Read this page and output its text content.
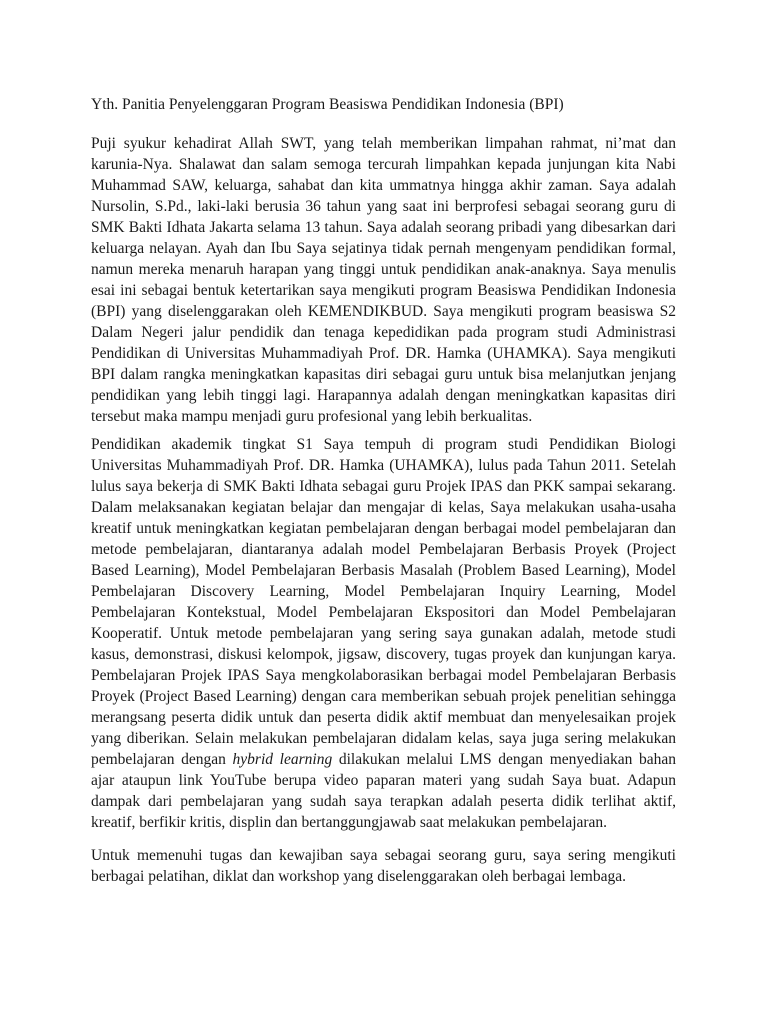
Yth. Panitia Penyelenggaran Program Beasiswa Pendidikan Indonesia (BPI)

Puji syukur kehadirat Allah SWT, yang telah memberikan limpahan rahmat, ni’mat dan karunia-Nya. Shalawat dan salam semoga tercurah limpahkan kepada junjungan kita Nabi Muhammad SAW, keluarga, sahabat dan kita ummatnya hingga akhir zaman. Saya adalah Nursolin, S.Pd., laki-laki berusia 36 tahun yang saat ini berprofesi sebagai seorang guru di SMK Bakti Idhata Jakarta selama 13 tahun. Saya adalah seorang pribadi yang dibesarkan dari keluarga nelayan. Ayah dan Ibu Saya sejatinya tidak pernah mengenyam pendidikan formal, namun mereka menaruh harapan yang tinggi untuk pendidikan anak-anaknya. Saya menulis esai ini sebagai bentuk ketertarikan saya mengikuti program Beasiswa Pendidikan Indonesia (BPI) yang diselenggarakan oleh KEMENDIKBUD. Saya mengikuti program beasiswa S2 Dalam Negeri jalur pendidik dan tenaga kepedidikan pada program studi Administrasi Pendidikan di Universitas Muhammadiyah Prof. DR. Hamka (UHAMKA). Saya mengikuti BPI dalam rangka meningkatkan kapasitas diri sebagai guru untuk bisa melanjutkan jenjang pendidikan yang lebih tinggi lagi. Harapannya adalah dengan meningkatkan kapasitas diri tersebut maka mampu menjadi guru profesional yang lebih berkualitas.

Pendidikan akademik tingkat S1 Saya tempuh di program studi Pendidikan Biologi Universitas Muhammadiyah Prof. DR. Hamka (UHAMKA), lulus pada Tahun 2011. Setelah lulus saya bekerja di SMK Bakti Idhata sebagai guru Projek IPAS dan PKK sampai sekarang. Dalam melaksanakan kegiatan belajar dan mengajar di kelas, Saya melakukan usaha-usaha kreatif untuk meningkatkan kegiatan pembelajaran dengan berbagai model pembelajaran dan metode pembelajaran, diantaranya adalah model Pembelajaran Berbasis Proyek (Project Based Learning), Model Pembelajaran Berbasis Masalah (Problem Based Learning), Model Pembelajaran Discovery Learning, Model Pembelajaran Inquiry Learning, Model Pembelajaran Kontekstual, Model Pembelajaran Ekspositori dan Model Pembelajaran Kooperatif. Untuk metode pembelajaran yang sering saya gunakan adalah, metode studi kasus, demonstrasi, diskusi kelompok, jigsaw, discovery, tugas proyek dan kunjungan karya. Pembelajaran Projek IPAS Saya mengkolaborasikan berbagai model Pembelajaran Berbasis Proyek (Project Based Learning) dengan cara memberikan sebuah projek penelitian sehingga merangsang peserta didik untuk dan peserta didik aktif membuat dan menyelesaikan projek yang diberikan. Selain melakukan pembelajaran didalam kelas, saya juga sering melakukan pembelajaran dengan hybrid learning dilakukan melalui LMS dengan menyediakan bahan ajar ataupun link YouTube berupa video paparan materi yang sudah Saya buat. Adapun dampak dari pembelajaran yang sudah saya terapkan adalah peserta didik terlihat aktif, kreatif, berfikir kritis, displin dan bertanggungjawab saat melakukan pembelajaran.

Untuk memenuhi tugas dan kewajiban saya sebagai seorang guru, saya sering mengikuti berbagai pelatihan, diklat dan workshop yang diselenggarakan oleh berbagai lembaga.
